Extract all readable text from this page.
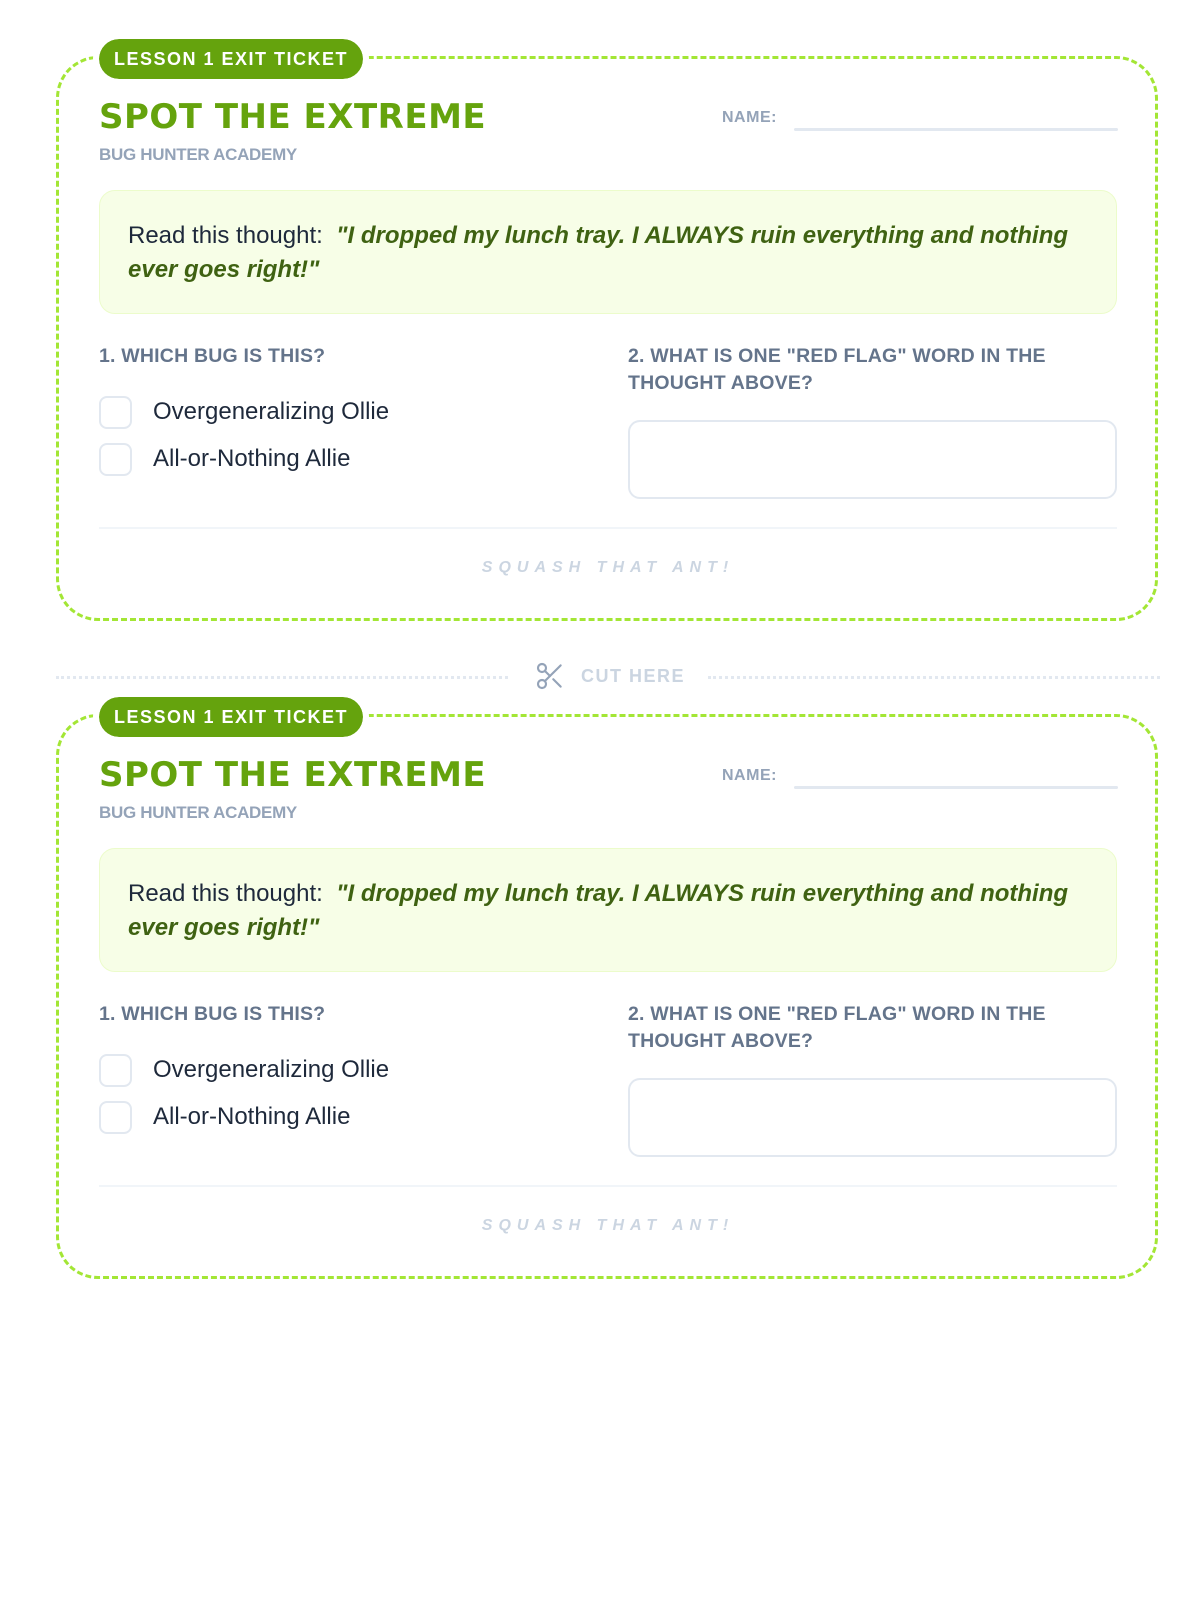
LESSON 1 EXIT TICKET
SPOT THE EXTREME
BUG HUNTER ACADEMY
NAME:
Read this thought: "I dropped my lunch tray. I ALWAYS ruin everything and nothing ever goes right!"
1. WHICH BUG IS THIS?
Overgeneralizing Ollie
All-or-Nothing Allie
2. WHAT IS ONE "RED FLAG" WORD IN THE THOUGHT ABOVE?
SQUASH THAT ANT!
CUT HERE
LESSON 1 EXIT TICKET
SPOT THE EXTREME
BUG HUNTER ACADEMY
NAME:
Read this thought: "I dropped my lunch tray. I ALWAYS ruin everything and nothing ever goes right!"
1. WHICH BUG IS THIS?
Overgeneralizing Ollie
All-or-Nothing Allie
2. WHAT IS ONE "RED FLAG" WORD IN THE THOUGHT ABOVE?
SQUASH THAT ANT!
